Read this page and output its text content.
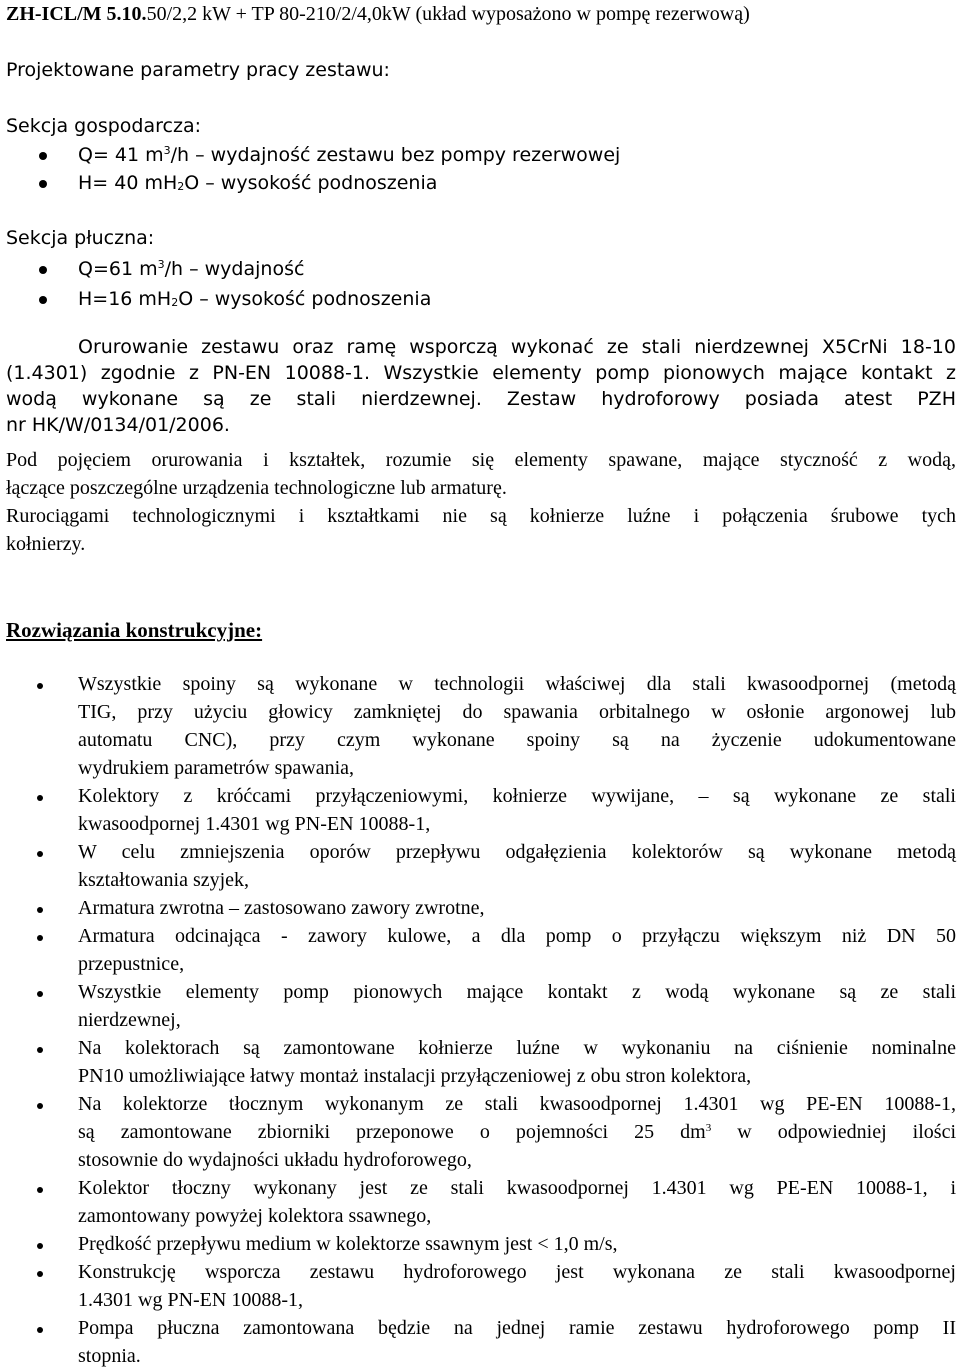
ZH-ICL/M 5.10.50/2,2 kW + TP 80-210/2/4,0kW (układ wyposażono w pompę rezerwową)
Projektowane parametry pracy zestawu:
Sekcja gospodarcza:
Q= 41 $m^3/h$ – wydajność zestawu bez pompy rezerwowej
H= 40 $mH_2O$ – wysokość podnoszenia
Sekcja płuczna:
Q=61 $m^3/h$ – wydajność
H=16 $mH_2O$ – wysokość podnoszenia
Orurowanie zestawu oraz ramę wsporczą wykonać ze stali nierdzewnej X5CrNi 18-10
(1.4301) zgodnie z PN-EN 10088-1. Wszystkie elementy pomp pionowych mające kontakt z
wodą wykonane są ze stali nierdzewnej. Zestaw hydroforowy posiada atest PZH
nr HK/W/0134/01/2006.
Pod pojęciem orurowania i kształtek, rozumie się elementy spawane, mające styczność z wodą,
łączące poszczególne urządzenia technologiczne lub armaturę.
Rurociągami technologicznymi i kształtkami nie są kołnierze luźne i połączenia śrubowe tych
kołnierzy.
Rozwiązania konstrukcyjne:
Wszystkie spoiny są wykonane w technologii właściwej dla stali kwasoodpornej (metodą
TIG, przy użyciu głowicy zamkniętej do spawania orbitalnego w osłonie argonowej lub
automatu CNC), przy czym wykonane spoiny są na życzenie udokumentowane
wydrukiem parametrów spawania,
Kolektory z króćcami przyłączeniowymi, kołnierze wywijane, – są wykonane ze stali
kwasoodpornej 1.4301 wg PN-EN 10088-1,
W celu zmniejszenia oporów przepływu odgałęzienia kolektorów są wykonane metodą
kształtowania szyjek,
Armatura zwrotna – zastosowano zawory zwrotne,
Armatura odcinająca - zawory kulowe, a dla pomp o przyłączu większym niż DN 50
przepustnice,
Wszystkie elementy pomp pionowych mające kontakt z wodą wykonane są ze stali
nierdzewnej,
Na kolektorach są zamontowane kołnierze luźne w wykonaniu na ciśnienie nominalne
PN10 umożliwiające łatwy montaż instalacji przyłączeniowej z obu stron kolektora,
Na kolektorze tłocznym wykonanym ze stali kwasoodpornej 1.4301 wg PE-EN 10088-1,
są zamontowane zbiorniki przeponowe o pojemności 25 $dm^3$ w odpowiedniej ilości
stosownie do wydajności układu hydroforowego,
Kolektor tłoczny wykonany jest ze stali kwasoodpornej 1.4301 wg PE-EN 10088-1, i
zamontowany powyżej kolektora ssawnego,
Prędkość przepływu medium w kolektorze ssawnym jest < 1,0 m/s,
Konstrukcję wsporcza zestawu hydroforowego jest wykonana ze stali kwasoodpornej
1.4301 wg PN-EN 10088-1,
Pompa płuczna zamontowana będzie na jednej ramie zestawu hydroforowego pomp II
stopnia.
